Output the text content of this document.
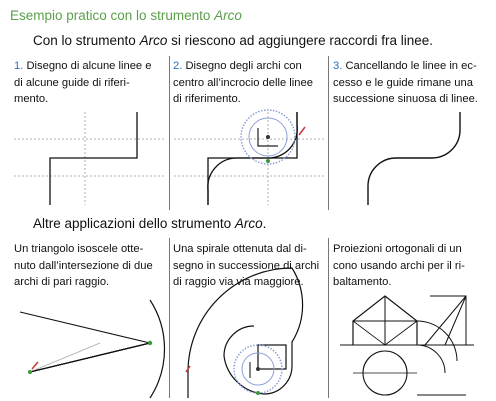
Esempio pratico con lo strumento Arco
Con lo strumento Arco si riescono ad aggiungere raccordi fra linee.
1. Disegno di alcune linee e
di alcune guide di riferi-
mento.
2. Disegno degli archi con
centro all’incrocio delle linee
di riferimento.
3. Cancellando le linee in ec-
cesso e le guide rimane una
successione sinuosa di linee.
Altre applicazioni dello strumento Arco.
Un triangolo isoscele otte-
nuto dall’intersezione di due
archi di pari raggio.
Una spirale ottenuta dal di-
segno in successione di archi
di raggio via via maggiore.
Proiezioni ortogonali di un
cono usando archi per il ri-
baltamento.
